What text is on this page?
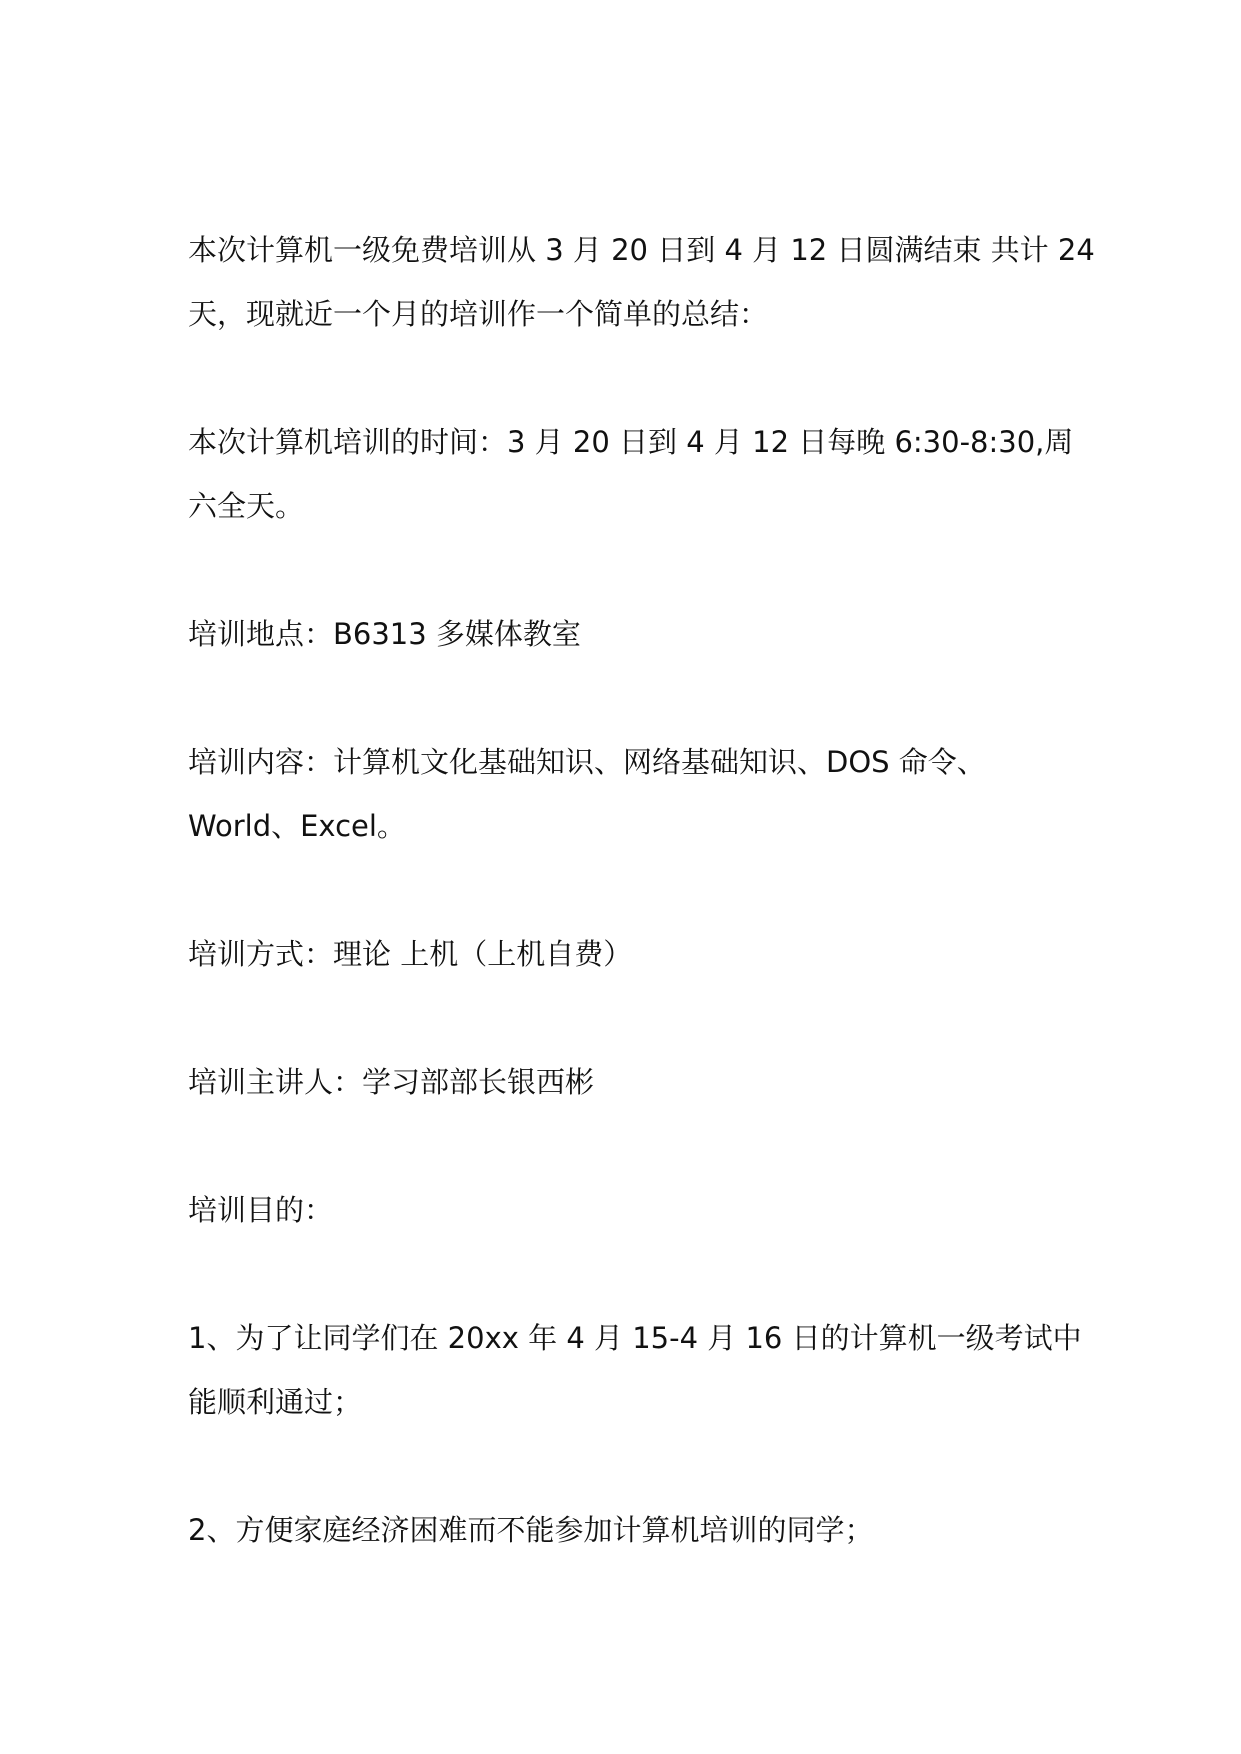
本次计算机一级免费培训从 3 月 20 日到 4 月 12 日圆满结束 共计 24
天，现就近一个月的培训作一个简单的总结：
本次计算机培训的时间：3 月 20 日到 4 月 12 日每晚 6:30-8:30,周
六全天。
培训地点：B6313 多媒体教室
培训内容：计算机文化基础知识、网络基础知识、DOS 命令、
World、Excel。
培训方式：理论 上机（上机自费）
培训主讲人：学习部部长银西彬
培训目的：
1、为了让同学们在 20xx 年 4 月 15-4 月 16 日的计算机一级考试中
能顺利通过；
2、方便家庭经济困难而不能参加计算机培训的同学；
